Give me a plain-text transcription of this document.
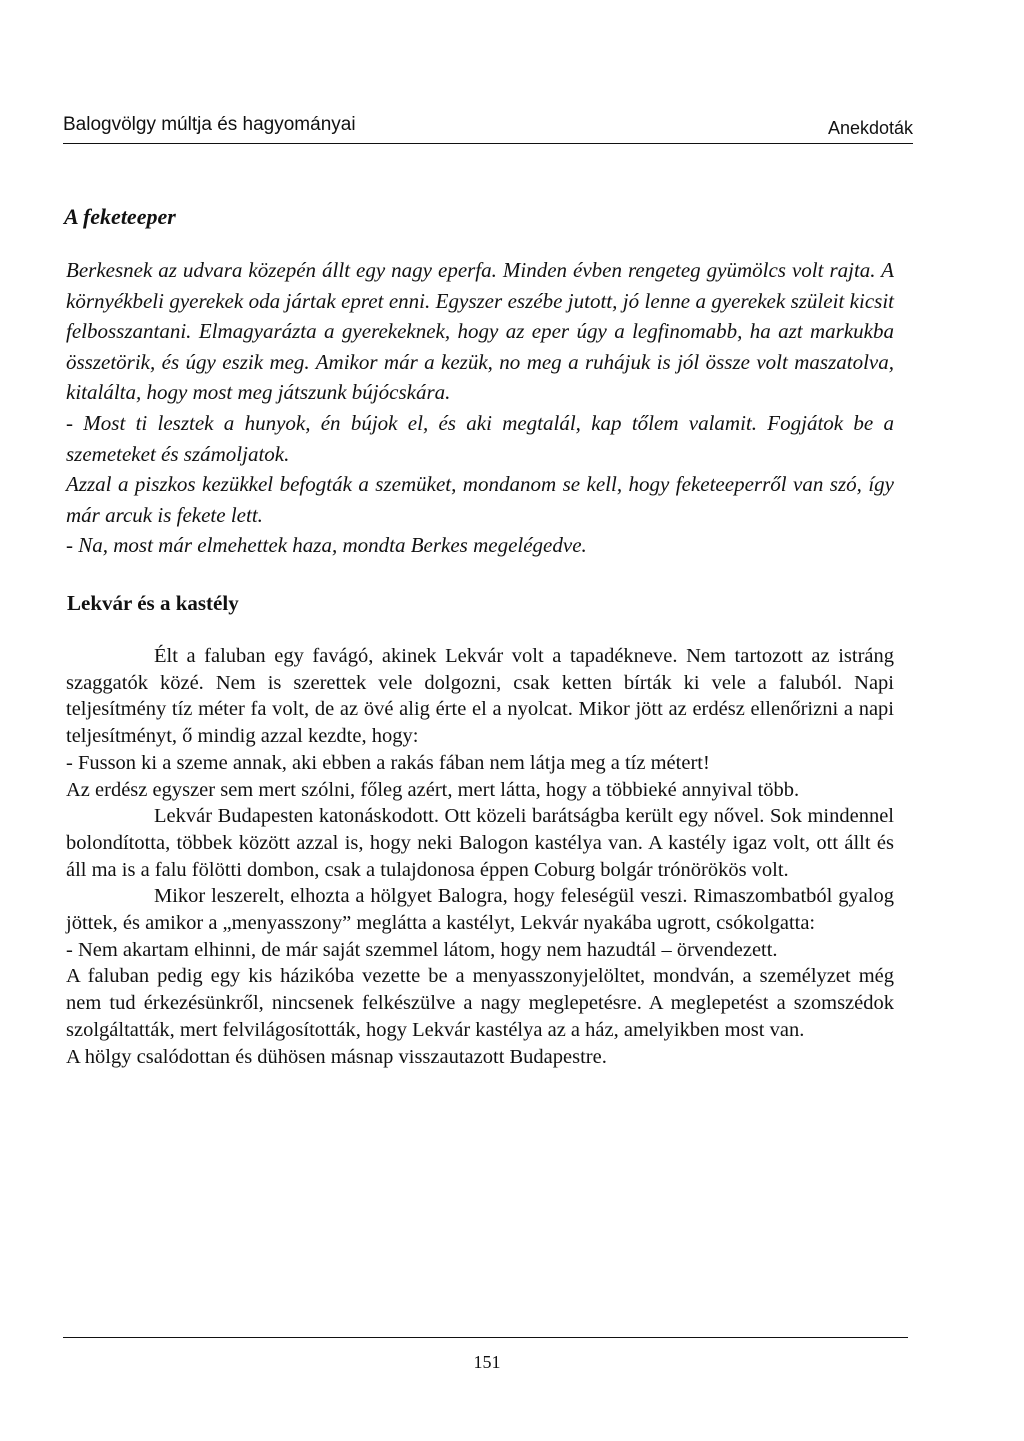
Balogvölgy múltja és hagyományai	Anekdoták
A feketeeper

Berkesnek az udvara közepén állt egy nagy eperfa. Minden évben rengeteg gyümölcs volt rajta. A környékbeli gyerekek oda jártak epret enni. Egyszer eszébe jutott, jó lenne a gyerekek szüleit kicsit felbosszantani. Elmagyarázta a gyerekeknek, hogy az eper úgy a legfinomabb, ha azt markukba összetörik, és úgy eszik meg. Amikor már a kezük, no meg a ruhájuk is jól össze volt maszatolva, kitalálta, hogy most meg játszunk bújócskára.

- Most ti lesztek a hunyok, én bújok el, és aki megtalál, kap tőlem valamit. Fogjátok be a szemeteket és számoljatok.

Azzal a piszkos kezükkel befogták a szemüket, mondanom se kell, hogy feketeeperről van szó, így már arcuk is fekete lett.

- Na, most már elmehettek haza, mondta Berkes megelégedve.

Lekvár és a kastély

Élt a faluban egy favágó, akinek Lekvár volt a tapadékneve. Nem tartozott az istráng szaggatók közé. Nem is szerettek vele dolgozni, csak ketten bírták ki vele a faluból. Napi teljesítmény tíz méter fa volt, de az övé alig érte el a nyolcat. Mikor jött az erdész ellenőrizni a napi teljesítményt, ő mindig azzal kezdte, hogy:

- Fusson ki a szeme annak, aki ebben a rakás fában nem látja meg a tíz métert!

Az erdész egyszer sem mert szólni, főleg azért, mert látta, hogy a többieké annyival több.

Lekvár Budapesten katonáskodott. Ott közeli barátságba került egy nővel. Sok mindennel bolondította, többek között azzal is, hogy neki Balogon kastélya van. A kastély igaz volt, ott állt és áll ma is a falu fölötti dombon, csak a tulajdonosa éppen Coburg bolgár trónörökös volt.

Mikor leszerelt, elhozta a hölgyet Balogra, hogy feleségül veszi. Rimaszombatból gyalog jöttek, és amikor a „menyasszony” meglátta a kastélyt, Lekvár nyakába ugrott, csókolgatta:

- Nem akartam elhinni, de már saját szemmel látom, hogy nem hazudtál – örvendezett.

A faluban pedig egy kis házikóba vezette be a menyasszonyjelöltet, mondván, a személyzet még nem tud érkezésünkről, nincsenek felkészülve a nagy meglepetésre. A meglepetést a szomszédok szolgáltatták, mert felvilágosították, hogy Lekvár kastélya az a ház, amelyikben most van.

A hölgy csalódottan és dühösen másnap visszautazott Budapestre.

151
